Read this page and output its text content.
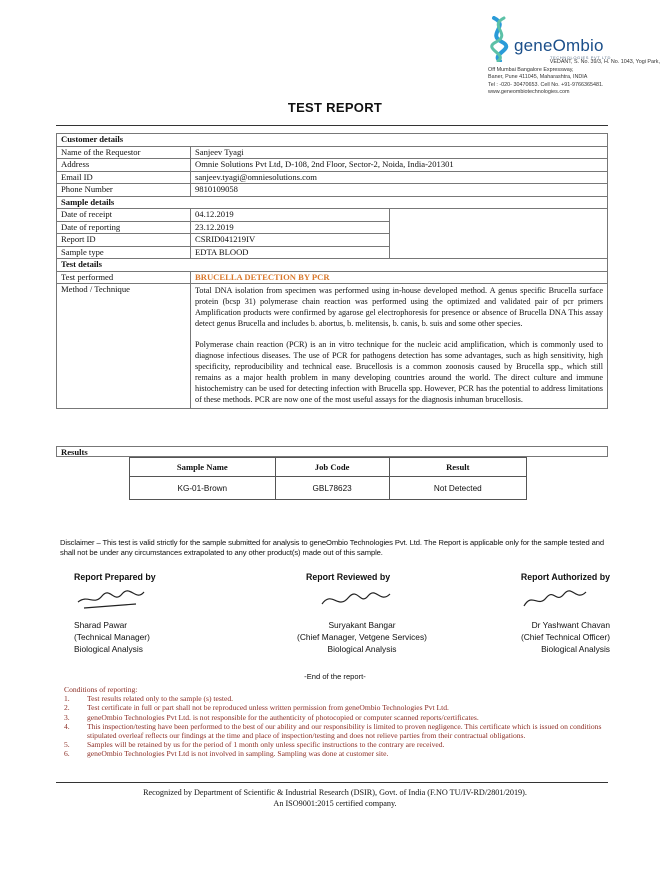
geneOmbio
TECHNOLOGIES PVT LTD
VEDANT, S. No. 39/3, H. No. 1043, Yogi Park,
Off Mumbai Bangalore Expressway,
Baner, Pune 411045, Maharashtra, INDIA
Tel : -020- 30470653. Cell No. +91-9766365481.
www.geneombiotechnologies.com
TEST REPORT
Customer details		
Name of the Requestor	Sanjeev Tyagi	
Address	Omnie Solutions Pvt Ltd, D-108, 2nd Floor, Sector-2, Noida, India-201301	
Email ID	sanjeev.tyagi@omniesolutions.com	
Phone Number	9810109058	
Sample details		
Date of receipt	04.12.2019	
Date of reporting	23.12.2019	
Report ID	CSRID041219IV	
Sample type	EDTA BLOOD	
Test details		
Test performed	BRUCELLA DETECTION BY PCR	
Method / Technique	Total DNA isolation from specimen was performed using in-house developed method. A genus specific Brucella surface protein (bcsp 31) polymerase chain reaction was performed using the optimized and validated pair of pcr primers Amplification products were confirmed by agarose gel electrophoresis for presence or absence of Brucella DNA This assay detect genus Brucella and includes b. abortus, b. melitensis, b. canis, b. suis and some other species.

Polymerase chain reaction (PCR) is an in vitro technique for the nucleic acid amplification, which is commonly used to diagnose infectious diseases. The use of PCR for pathogens detection has some advantages, such as high sensitivity, high specificity, reproducibility and technical ease. Brucellosis is a common zoonosis caused by Brucella spp., which still remains as a major health problem in many developing countries around the world. The direct culture and immune histochemistry can be used for detecting infection with Brucella spp. However, PCR has the potential to address limitations of these methods. PCR are now one of the most useful assays for the diagnosis inhuman brucellosis.	

Results
Sample Name	Job Code	Result
KG-01-Brown	GBL78623	Not Detected
Disclaimer – This test is valid strictly for the sample submitted for analysis to geneOmbio Technologies Pvt. Ltd. The Report is applicable only for the sample tested and shall not be under any circumstances extrapolated to any other product(s) made out of this sample.
Report Prepared by
Sharad Pawar
(Technical Manager)
Biological Analysis
Report Reviewed by
Suryakant Bangar
(Chief Manager, Vetgene Services)
Biological Analysis
Report Authorized by
Dr Yashwant Chavan
(Chief Technical Officer)
Biological Analysis
-End of the report-
Conditions of reporting:
1. Test results related only to the sample (s) tested.
2. Test certificate in full or part shall not be reproduced unless written permission from geneOmbio Technologies Pvt Ltd.
3. geneOmbio Technologies Pvt Ltd. is not responsible for the authenticity of photocopied or computer scanned reports/certificates.
4. This inspection/testing have been performed to the best of our ability and our responsibility is limited to proven negligence. This certificate which is issued on conditions stipulated overleaf reflects our findings at the time and place of inspection/testing and does not relieve parties from their contractual obligations.
5. Samples will be retained by us for the period of 1 month only unless specific instructions to the contrary are received.
6. geneOmbio Technologies Pvt Ltd is not involved in sampling. Sampling was done at customer site.
Recognized by Department of Scientific & Industrial Research (DSIR), Govt. of India (F.NO TU/IV-RD/2801/2019).
An ISO9001:2015 certified company.
